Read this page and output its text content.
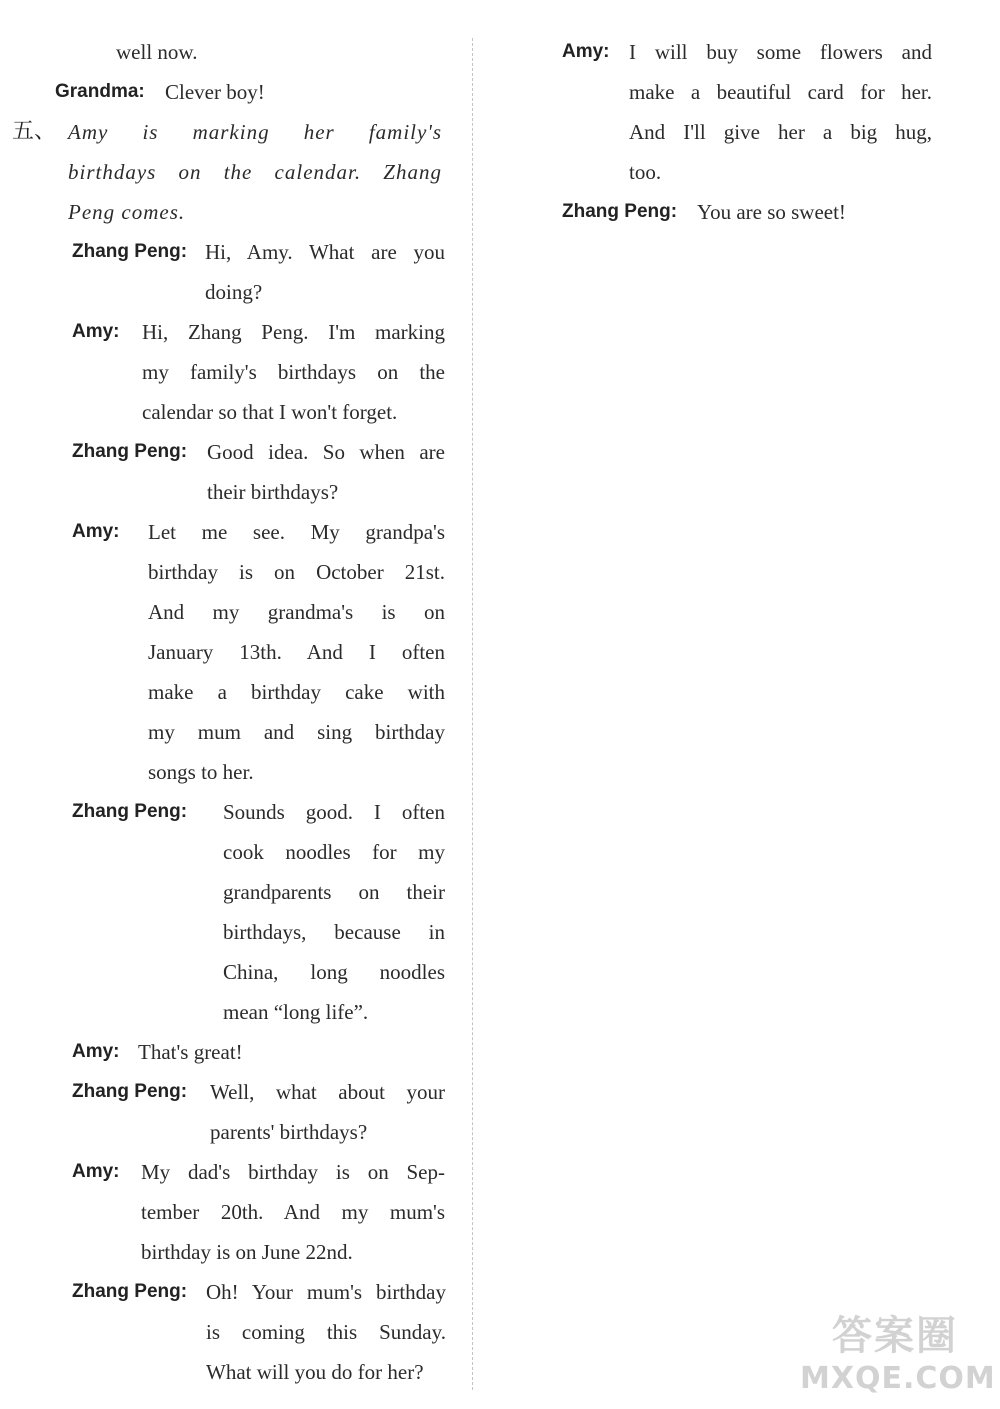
well now.
Grandma: Clever boy!
Zhang Peng: Hi, Amy. What are you
doing?
Amy: Hi, Zhang Peng. I'm marking
my family's birthdays on the
calendar so that I won't forget.
Zhang Peng: Good idea. So when are
their birthdays?
Amy: Let me see. My grandpa's
birthday is on October 21st.
And my grandma's is on
January 13th. And I often
make a birthday cake with
my mum and sing birthday
songs to her.
Zhang Peng: Sounds good. I often
cook noodles for my
grandparents on their
birthdays, because in
China, long noodles
mean “long life”.
Amy: That's great!
Zhang Peng: Well, what about your
parents' birthdays?
Amy: My dad's birthday is on Sep-
tember 20th. And my mum's
birthday is on June 22nd.
Zhang Peng: Oh! Your mum's birthday
is coming this Sunday.
What will you do for her?
Amy: I will buy some flowers and
make a beautiful card for her.
And I'll give her a big hug,
too.
Zhang Peng: You are so sweet!
五、 Amy is marking her family's
birthdays on the calendar. Zhang
Peng comes.
答案圈
MXQE.COM
